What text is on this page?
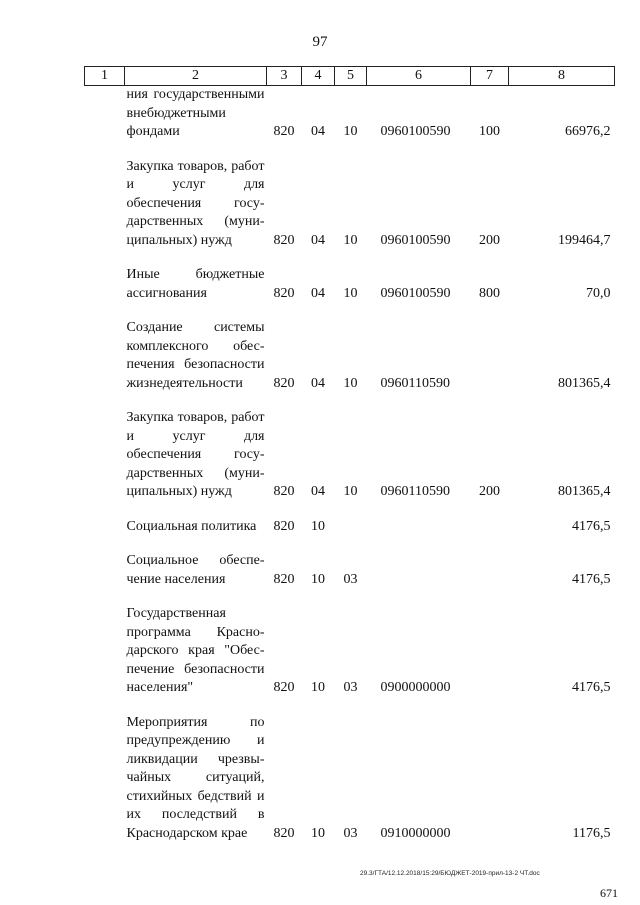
97
1	2	3	4	5	6	7	8
	ния государственными внебюджетными фондами	820	04	10	0960100590	100	66976,2

	Закупка товаров, работ и услуг для обеспечения государственных (муниципальных) нужд	820	04	10	0960100590	200	199464,7

	Иные бюджетные ассигнования	820	04	10	0960100590	800	70,0

	Создание системы комплексного обеспечения безопасности жизнедеятельности	820	04	10	0960110590		801365,4

	Закупка товаров, работ и услуг для обеспечения государственных (муниципальных) нужд	820	04	10	0960110590	200	801365,4

	Социальная политика	820	10				4176,5

	Социальное обеспечение населения	820	10	03			4176,5

	Государственная программа Краснодарского края "Обеспечение безопасности населения"	820	10	03	0900000000		4176,5

	Мероприятия по предупреждению и ликвидации чрезвычайных ситуаций, стихийных бедствий и их последствий в Краснодарском крае	820	10	03	0910000000		1176,5
29.3/ГТА/12.12.2018/15:29/БЮДЖЕТ-2019-прил-13-2 ЧТ.doc
671
